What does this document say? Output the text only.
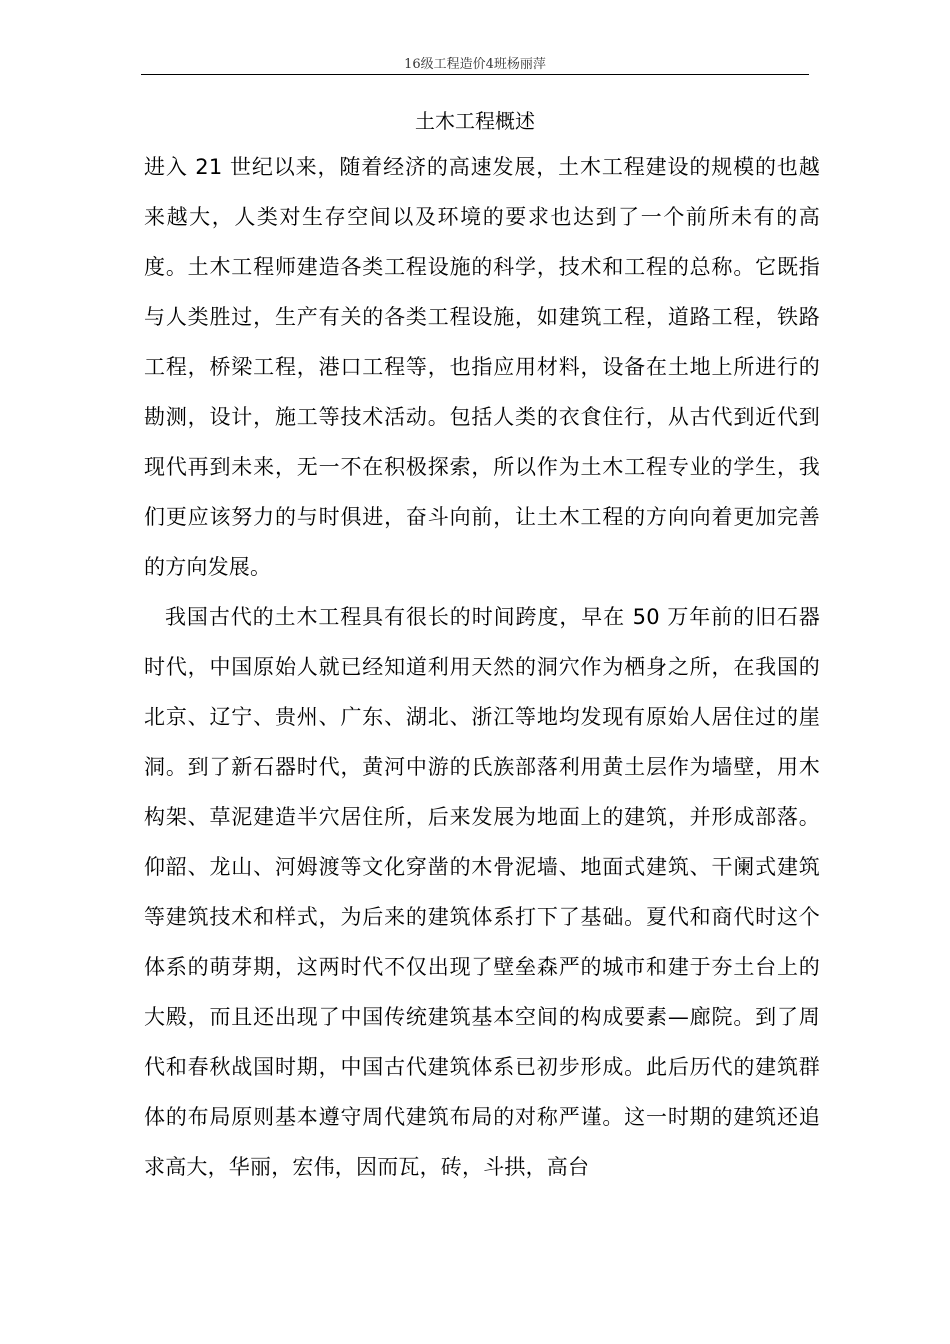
16级工程造价4班杨丽萍
土木工程概述

进入 21 世纪以来，随着经济的高速发展，土木工程建设的规模的也越来越大，人类对生存空间以及环境的要求也达到了一个前所未有的高度。土木工程师建造各类工程设施的科学，技术和工程的总称。它既指与人类胜过，生产有关的各类工程设施，如建筑工程，道路工程，铁路工程，桥梁工程，港口工程等，也指应用材料，设备在土地上所进行的勘测，设计，施工等技术活动。包括人类的衣食住行，从古代到近代到现代再到未来，无一不在积极探索，所以作为土木工程专业的学生，我们更应该努力的与时俱进，奋斗向前，让土木工程的方向向着更加完善的方向发展。

我国古代的土木工程具有很长的时间跨度，早在 50 万年前的旧石器时代，中国原始人就已经知道利用天然的洞穴作为栖身之所，在我国的北京、辽宁、贵州、广东、湖北、浙江等地均发现有原始人居住过的崖洞。到了新石器时代，黄河中游的氏族部落利用黄土层作为墙壁，用木构架、草泥建造半穴居住所，后来发展为地面上的建筑，并形成部落。仰韶、龙山、河姆渡等文化穿凿的木骨泥墙、地面式建筑、干阑式建筑等建筑技术和样式，为后来的建筑体系打下了基础。夏代和商代时这个体系的萌芽期，这两时代不仅出现了壁垒森严的城市和建于夯土台上的大殿，而且还出现了中国传统建筑基本空间的构成要素—廊院。到了周代和春秋战国时期，中国古代建筑体系已初步形成。此后历代的建筑群体的布局原则基本遵守周代建筑布局的对称严谨。这一时期的建筑还追求高大，华丽，宏伟，因而瓦，砖，斗拱，高台
